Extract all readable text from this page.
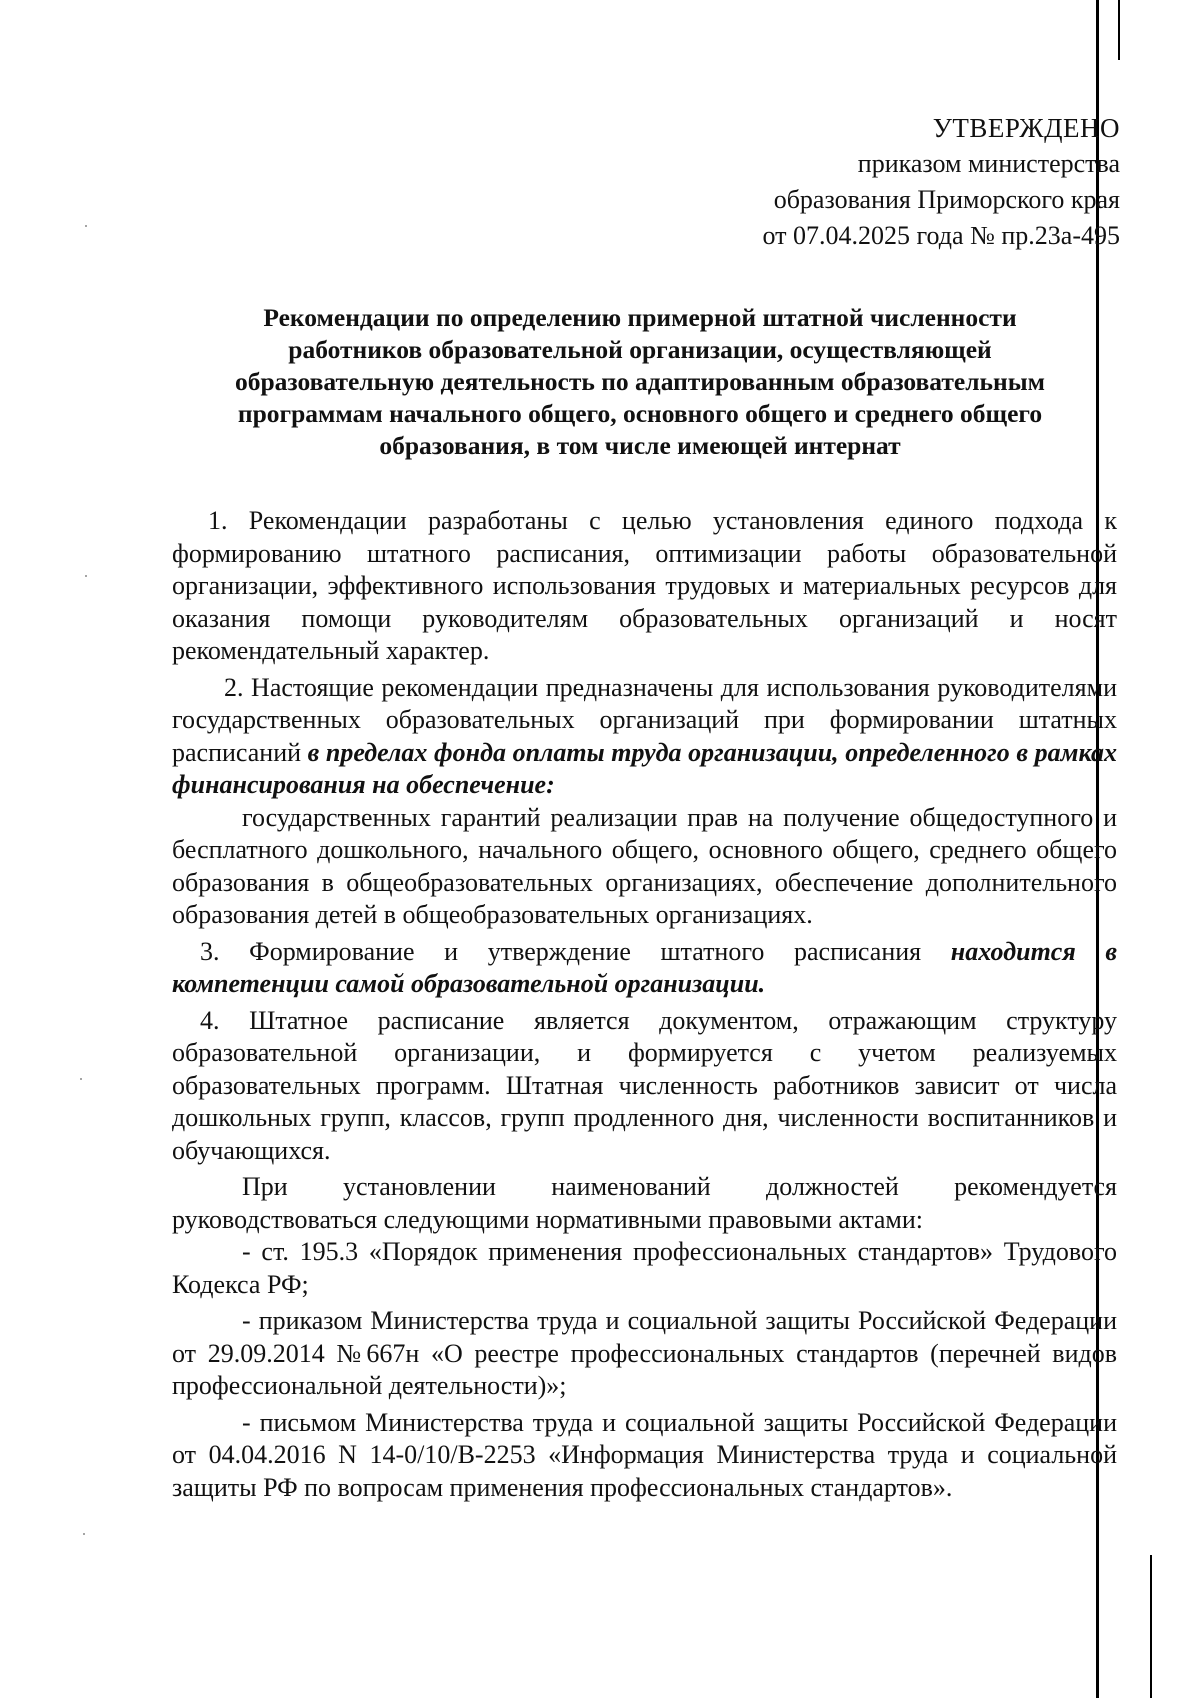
УТВЕРЖДЕНО
приказом министерства
образования Приморского края
от 07.04.2025 года № пр.23а-495
Рекомендации по определению примерной штатной численности
работников образовательной организации, осуществляющей
образовательную деятельность по адаптированным образовательным
программам начального общего, основного общего и среднего общего
образования, в том числе имеющей интернат

1. Рекомендации разработаны с целью установления единого подхода к формированию штатного расписания, оптимизации работы образовательной организации, эффективного использования трудовых и материальных ресурсов для оказания помощи руководителям образовательных организаций и носят рекомендательный характер.

2. Настоящие рекомендации предназначены для использования руководителями государственных образовательных организаций при формировании штатных расписаний в пределах фонда оплаты труда организации, определенного в рамках финансирования на обеспечение:

государственных гарантий реализации прав на получение общедоступного и бесплатного дошкольного, начального общего, основного общего, среднего общего образования в общеобразовательных организациях, обеспечение дополнительного образования детей в общеобразовательных организациях.

3. Формирование и утверждение штатного расписания находится в компетенции самой образовательной организации.

4. Штатное расписание является документом, отражающим структуру образовательной организации, и формируется с учетом реализуемых образовательных программ. Штатная численность работников зависит от числа дошкольных групп, классов, групп продленного дня, численности воспитанников и обучающихся.

При установлении наименований должностей рекомендуется руководствоваться следующими нормативными правовыми актами:

- ст. 195.3 «Порядок применения профессиональных стандартов» Трудового Кодекса РФ;

- приказом Министерства труда и социальной защиты Российской Федерации от 29.09.2014 №667н «О реестре профессиональных стандартов (перечней видов профессиональной деятельности)»;

- письмом Министерства труда и социальной защиты Российской Федерации от 04.04.2016 N 14-0/10/В-2253 «Информация Министерства труда и социальной защиты РФ по вопросам применения профессиональных стандартов».
